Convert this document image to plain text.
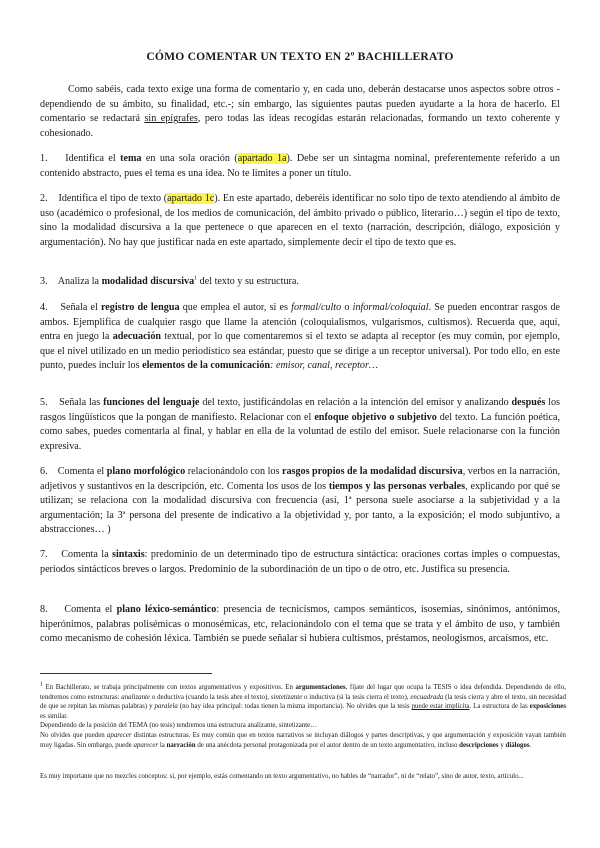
CÓMO COMENTAR UN TEXTO EN 2º BACHILLERATO

Como sabéis, cada texto exige una forma de comentario y, en cada uno, deberán destacarse unos aspectos sobre otros -dependiendo de su ámbito, su finalidad, etc.-; sin embargo, las siguientes pautas pueden ayudarte a la hora de hacerlo. El comentario se redactará sin epígrafes, pero todas las ideas recogidas estarán relacionadas, formando un texto coherente y cohesionado.

1. Identifica el tema en una sola oración (apartado 1a). Debe ser un sintagma nominal, preferentemente referido a un contenido abstracto, pues el tema es una idea. No te limites a poner un título.

2. Identifica el tipo de texto (apartado 1c). En este apartado, deberéis identificar no solo tipo de texto atendiendo al ámbito de uso (académico o profesional, de los medios de comunicación, del ámbito privado o público, literario…) según el tipo de texto, sino la modalidad discursiva a la que pertenece o que aparecen en el texto (narración, descripción, diálogo, exposición y argumentación). No hay que justificar nada en este apartado, simplemente decir el tipo de texto que es.

3. Analiza la modalidad discursiva$^1$ del texto y su estructura.

4. Señala el registro de lengua que emplea el autor, si es formal/culto o informal/coloquial. Se pueden encontrar rasgos de ambos. Ejemplifica de cualquier rasgo que llame la atención (coloquialismos, vulgarismos, cultismos). Recuerda que, aquí, entra en juego la adecuación textual, por lo que comentaremos si el texto se adapta al receptor (es muy común, por ejemplo, que el nivel utilizado en un medio periodístico sea estándar, puesto que se dirige a un receptor universal). Por todo ello, en este punto, puedes incluir los elementos de la comunicación: emisor, canal, receptor…

5. Señala las funciones del lenguaje del texto, justificándolas en relación a la intención del emisor y analizando después los rasgos lingüísticos que la pongan de manifiesto. Relacionar con el enfoque objetivo o subjetivo del texto. La función poética, como sabes, puedes comentarla al final, y hablar en ella de la voluntad de estilo del emisor. Suele relacionarse con la función expresiva.

6. Comenta el plano morfológico relacionándolo con los rasgos propios de la modalidad discursiva, verbos en la narración, adjetivos y sustantivos en la descripción, etc. Comenta los usos de los tiempos y las personas verbales, explicando por qué se utilizan; se relaciona con la modalidad discursiva con frecuencia (así, 1ª persona suele asociarse a la subjetividad y a la argumentación; la 3ª persona del presente de indicativo a la objetividad y, por tanto, a la exposición; el modo subjuntivo, a abstracciones… )

7. Comenta la sintaxis: predominio de un determinado tipo de estructura sintáctica: oraciones cortas imples o compuestas, periodos sintácticos breves o largos. Predominio de la subordinación de un tipo o de otro, etc. Justifica su presencia.

8. Comenta el plano léxico-semántico: presencia de tecnicismos, campos semánticos, isosemias, sinónimos, antónimos, hiperónimos, palabras polisémicas o monosémicas, etc, relacionándolo con el tema que se trata y el ámbito de uso, y también como mecanismo de cohesión léxica. También se puede señalar si hubiera cultismos, préstamos, neologismos, arcaísmos, etc.

$^1$ En Bachillerato, se trabaja principalmente con textos argumentativos y expositivos. En argumentaciones, fíjate del lugar que ocupa la TESIS o idea defendida. Dependiendo de ello, tendremos como estructuras: analizante o deductiva (cuando la tesis abre el texto), sintetizante o inductiva (si la tesis cierra el texto), encuadrada (la tesis cierra y abre el texto, sin necesidad de que se repitan las mismas palabras) y paralela (no hay idea principal: todas tienen la misma importancia). No olvides que la tesis puede estar implícita. La estructura de las exposiciones es similar.

Dependiendo de la posición del TEMA (no tesis) tendremos una estructura analizante, sintetizante…

No olvides que pueden aparecer distintas estructuras. Es muy común que en textos narrativos se incluyan diálogos y partes descriptivas, y que argumentación y exposición vayan también muy ligadas. Sin embargo, puede aparecer la narración de una anécdota personal protagonizada por el autor dentro de un texto argumentativo, incluso descripciones y diálogos.

Es muy importante que no mezcles conceptos: si, por ejemplo, estás comentando un texto argumentativo, no hables de “narrador”, ni de “relato”, sino de autor, texto, artículo...
